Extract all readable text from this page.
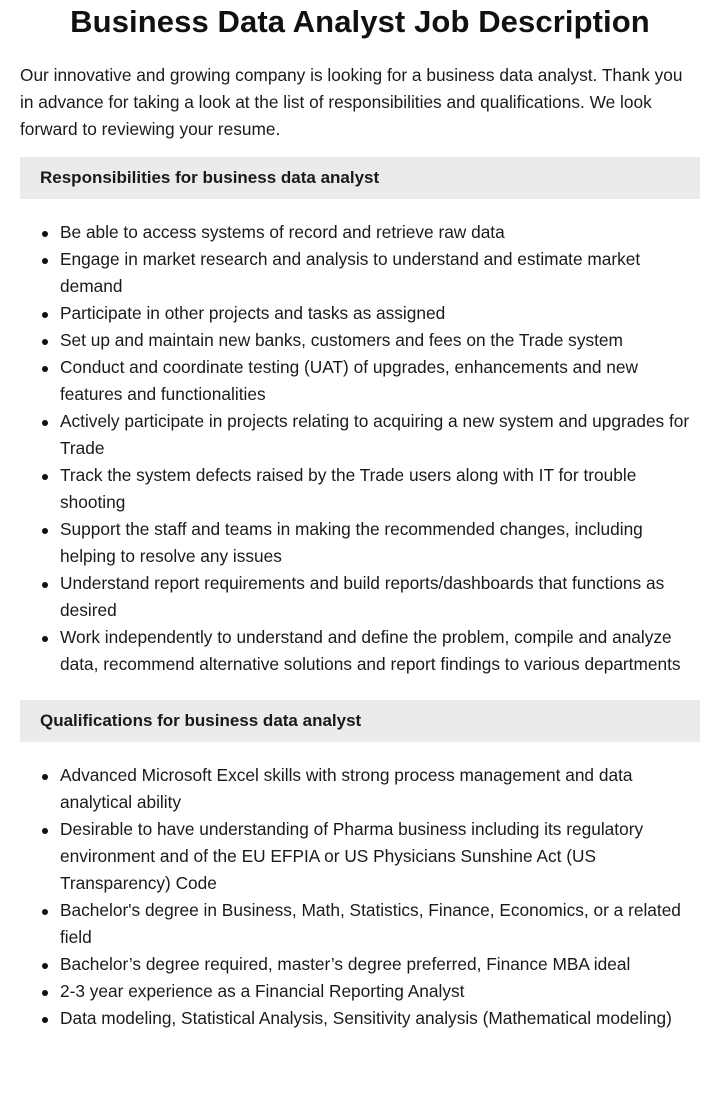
Business Data Analyst Job Description

Our innovative and growing company is looking for a business data analyst. Thank you in advance for taking a look at the list of responsibilities and qualifications. We look forward to reviewing your resume.

Responsibilities for business data analyst
Be able to access systems of record and retrieve raw data
Engage in market research and analysis to understand and estimate market demand
Participate in other projects and tasks as assigned
Set up and maintain new banks, customers and fees on the Trade system
Conduct and coordinate testing (UAT) of upgrades, enhancements and new features and functionalities
Actively participate in projects relating to acquiring a new system and upgrades for Trade
Track the system defects raised by the Trade users along with IT for trouble shooting
Support the staff and teams in making the recommended changes, including helping to resolve any issues
Understand report requirements and build reports/dashboards that functions as desired
Work independently to understand and define the problem, compile and analyze data, recommend alternative solutions and report findings to various departments
Qualifications for business data analyst
Advanced Microsoft Excel skills with strong process management and data analytical ability
Desirable to have understanding of Pharma business including its regulatory environment and of the EU EFPIA or US Physicians Sunshine Act (US Transparency) Code
Bachelor's degree in Business, Math, Statistics, Finance, Economics, or a related field
Bachelor’s degree required, master’s degree preferred, Finance MBA ideal
2-3 year experience as a Financial Reporting Analyst
Data modeling, Statistical Analysis, Sensitivity analysis (Mathematical modeling)
